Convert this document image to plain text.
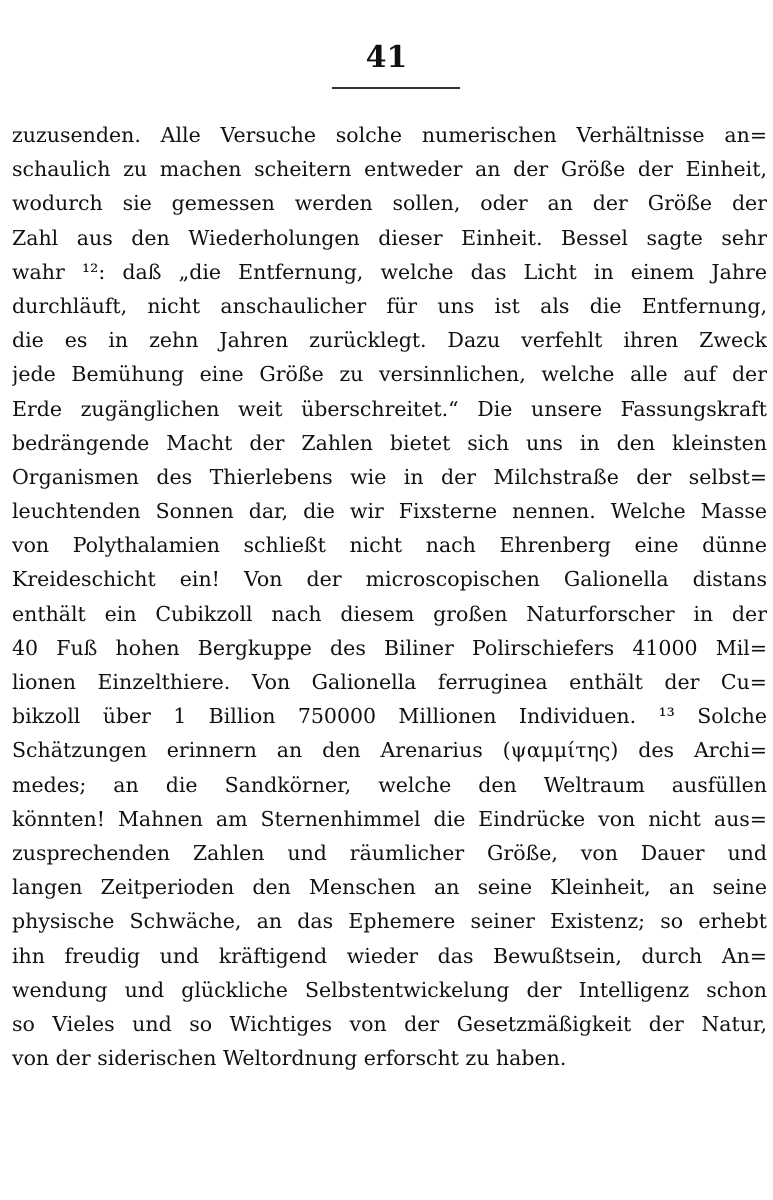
41
zuzusenden. Alle Versuche solche numerischen Verhältnisse an=
schaulich zu machen scheitern entweder an der Größe der Einheit,
wodurch sie gemessen werden sollen, oder an der Größe der
Zahl aus den Wiederholungen dieser Einheit. Bessel sagte sehr
wahr ¹²: daß „die Entfernung, welche das Licht in einem Jahre
durchläuft, nicht anschaulicher für uns ist als die Entfernung,
die es in zehn Jahren zurücklegt. Dazu verfehlt ihren Zweck
jede Bemühung eine Größe zu versinnlichen, welche alle auf der
Erde zugänglichen weit überschreitet.“ Die unsere Fassungskraft
bedrängende Macht der Zahlen bietet sich uns in den kleinsten
Organismen des Thierlebens wie in der Milchstraße der selbst=
leuchtenden Sonnen dar, die wir Fixsterne nennen. Welche Masse
von Polythalamien schließt nicht nach Ehrenberg eine dünne
Kreideschicht ein! Von der microscopischen Galionella distans
enthält ein Cubikzoll nach diesem großen Naturforscher in der
40 Fuß hohen Bergkuppe des Biliner Polirschiefers 41000 Mil=
lionen Einzelthiere. Von Galionella ferruginea enthält der Cu=
bikzoll über 1 Billion 750000 Millionen Individuen. ¹³ Solche
Schätzungen erinnern an den Arenarius (ψαμμίτης) des Archi=
medes; an die Sandkörner, welche den Weltraum ausfüllen
könnten! Mahnen am Sternenhimmel die Eindrücke von nicht aus=
zusprechenden Zahlen und räumlicher Größe, von Dauer und
langen Zeitperioden den Menschen an seine Kleinheit, an seine
physische Schwäche, an das Ephemere seiner Existenz; so erhebt
ihn freudig und kräftigend wieder das Bewußtsein, durch An=
wendung und glückliche Selbstentwickelung der Intelligenz schon
so Vieles und so Wichtiges von der Gesetzmäßigkeit der Natur,
von der siderischen Weltordnung erforscht zu haben.
